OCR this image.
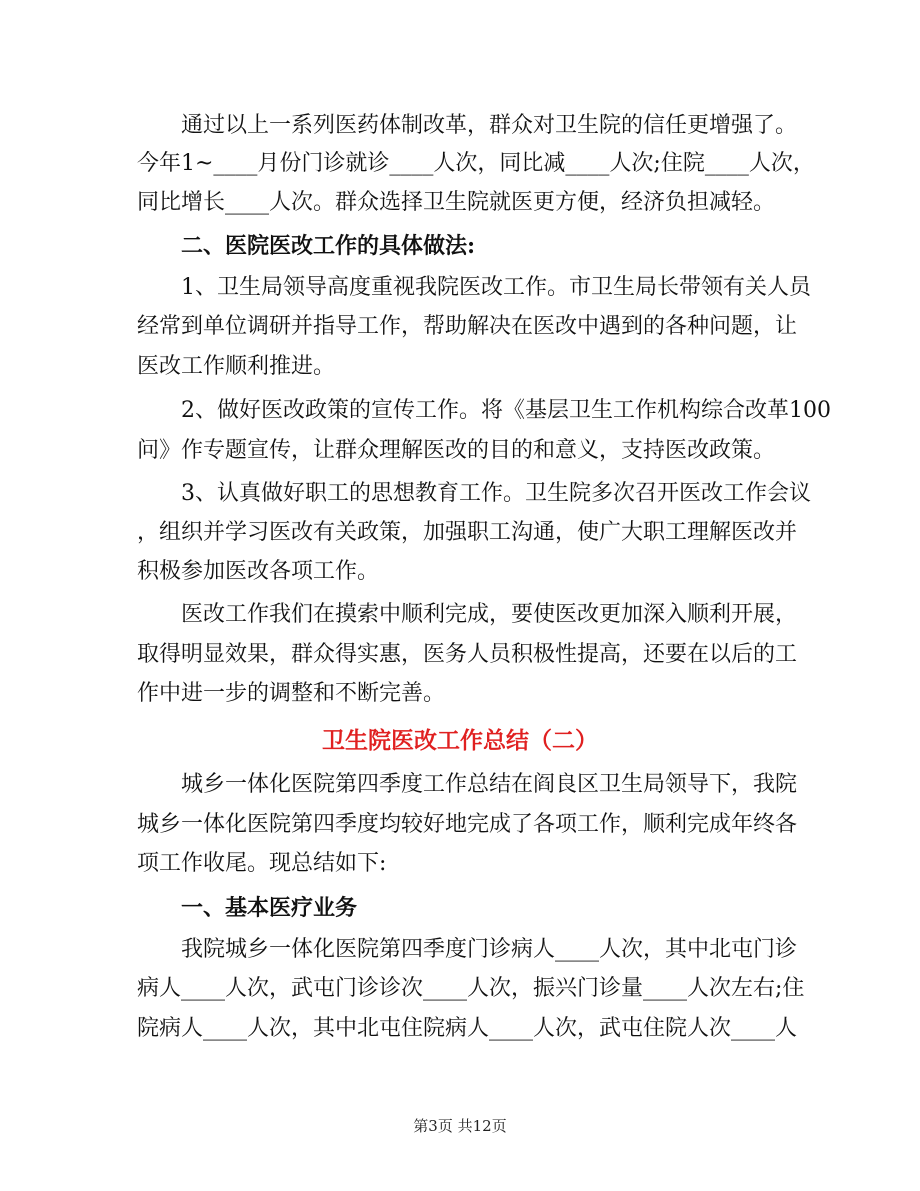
通过以上一系列医药体制改革，群众对卫生院的信任更增强了。
今年1~____月份门诊就诊____人次，同比减____人次;住院____人次，
同比增长____人次。群众选择卫生院就医更方便，经济负担减轻。
二、医院医改工作的具体做法:
1、卫生局领导高度重视我院医改工作。市卫生局长带领有关人员
经常到单位调研并指导工作，帮助解决在医改中遇到的各种问题，让
医改工作顺利推进。
2、做好医改政策的宣传工作。将《基层卫生工作机构综合改革100
问》作专题宣传，让群众理解医改的目的和意义，支持医改政策。
3、认真做好职工的思想教育工作。卫生院多次召开医改工作会议
，组织并学习医改有关政策，加强职工沟通，使广大职工理解医改并
积极参加医改各项工作。
医改工作我们在摸索中顺利完成，要使医改更加深入顺利开展，
取得明显效果，群众得实惠，医务人员积极性提高，还要在以后的工
作中进一步的调整和不断完善。
卫生院医改工作总结（二）
城乡一体化医院第四季度工作总结在阎良区卫生局领导下，我院
城乡一体化医院第四季度均较好地完成了各项工作，顺利完成年终各
项工作收尾。现总结如下:
一、基本医疗业务
我院城乡一体化医院第四季度门诊病人____人次，其中北屯门诊
病人____人次，武屯门诊诊次____人次，振兴门诊量____人次左右;住
院病人____人次，其中北屯住院病人____人次，武屯住院人次____人
第3页 共12页
